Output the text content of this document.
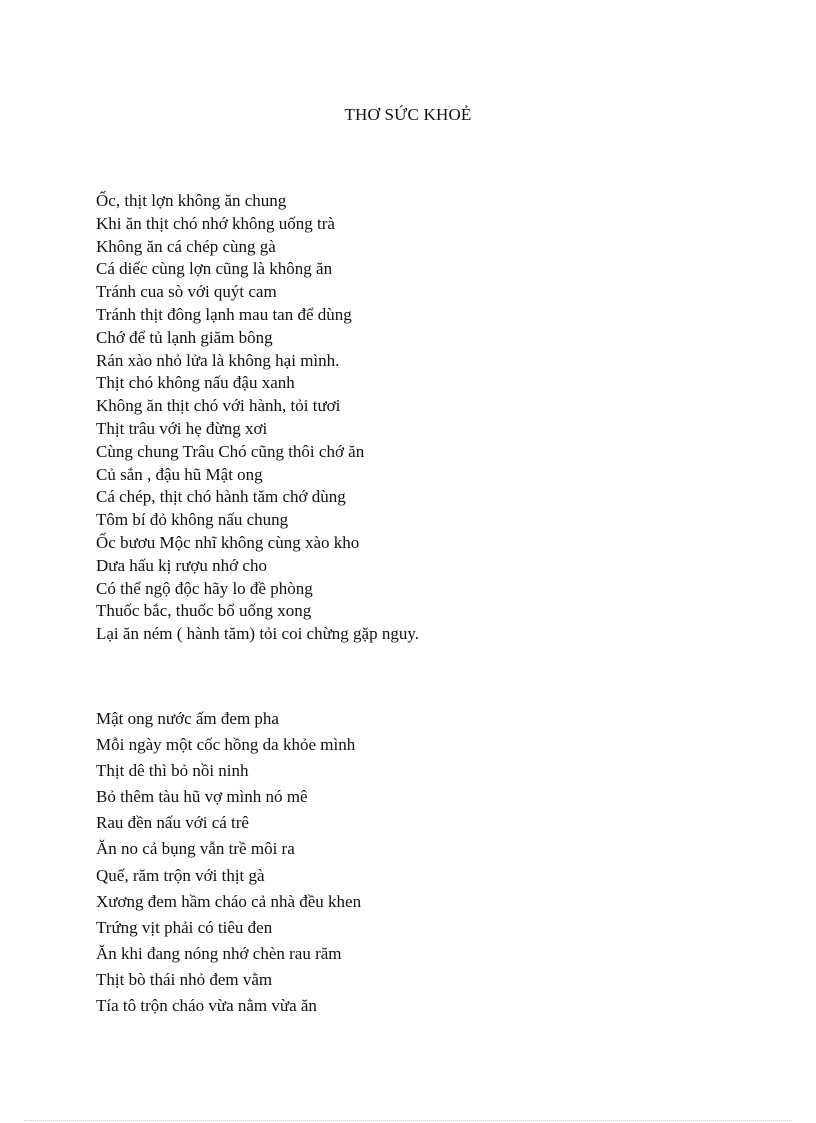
THƠ SỨC KHOẺ
Ốc, thịt lợn không ăn chung
Khi ăn thịt chó nhớ không uống trà
Không ăn cá chép cùng gà
Cá diếc cùng lợn cũng là không ăn
Tránh cua sò với quýt cam
Tránh thịt đông lạnh mau tan để dùng
Chớ để tủ lạnh giăm bông
Rán xào nhỏ lửa là không hại mình.
Thịt chó không nấu đậu xanh
Không ăn thịt chó với hành, tỏi tươi
Thịt trâu với hẹ đừng xơi
Cùng chung Trâu Chó cũng thôi chớ ăn
Củ sắn , đậu hũ Mật ong
Cá chép, thịt chó hành tăm chớ dùng
Tôm bí đỏ không nấu chung
Ốc bươu Mộc nhĩ không cùng xào kho
Dưa hấu kị rượu nhớ cho
Có thể ngộ độc hãy lo đề phòng
Thuốc bắc, thuốc bổ uống xong
Lại ăn ném ( hành tăm) tỏi coi chừng gặp nguy.
Mật ong nước ấm đem pha
Mỗi ngày một cốc hồng da khỏe mình
Thịt dê thì bỏ nồi ninh
Bỏ thêm tàu hũ vợ mình nó mê
Rau đền nấu với cá trê
Ăn no cả bụng vẫn trề môi ra
Quế, răm trộn với thịt gà
Xương đem hầm cháo cả nhà đều khen
Trứng vịt phải có tiêu đen
Ăn khi đang nóng nhớ chèn rau răm
Thịt bò thái nhỏ đem vằm
Tía tô trộn cháo vừa nằm vừa ăn
